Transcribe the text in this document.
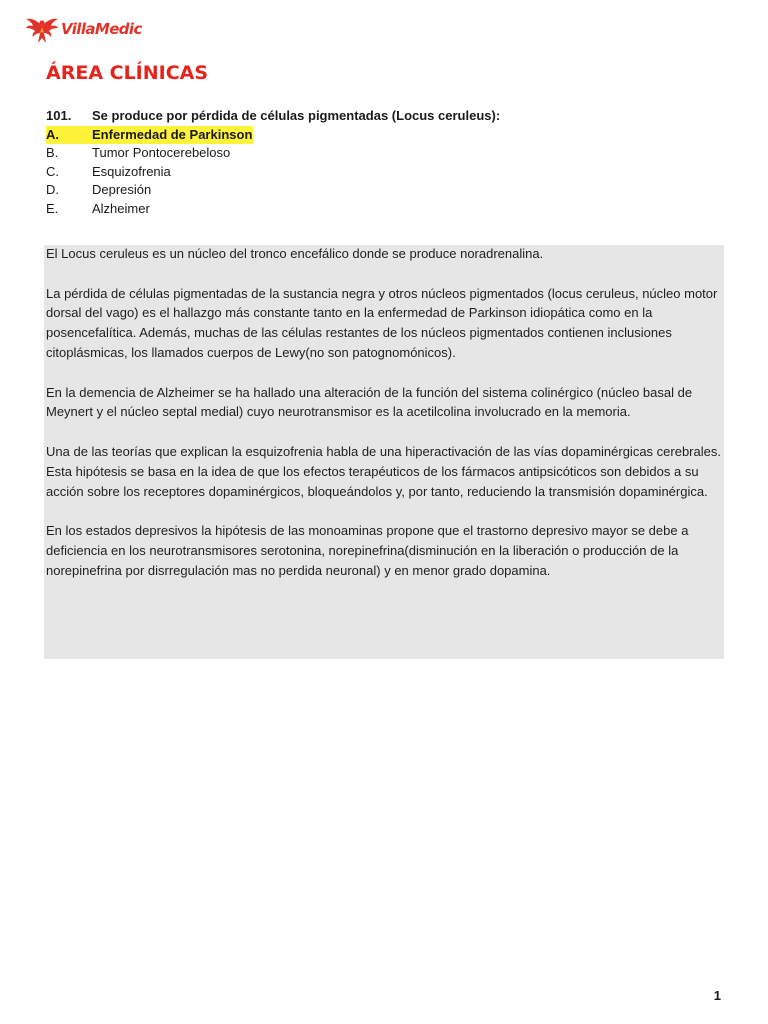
VillaMedic
ÁREA CLÍNICAS
101.	Se produce por pérdida de células pigmentadas (Locus ceruleus):
A.	Enfermedad de Parkinson
B.	Tumor Pontocerebeloso
C.	Esquizofrenia
D.	Depresión
E.	Alzheimer

El Locus ceruleus es un núcleo del tronco encefálico donde se produce noradrenalina.

La pérdida de células pigmentadas de la sustancia negra y otros núcleos pigmentados (locus ceruleus, núcleo motor dorsal del vago) es el hallazgo más constante tanto en la enfermedad de Parkinson idiopática como en la posencefalítica. Además, muchas de las células restantes de los núcleos pigmentados contienen inclusiones citoplásmicas, los llamados cuerpos de Lewy(no son patognomónicos).

En la demencia de Alzheimer se ha hallado una alteración de la función del sistema colinérgico (núcleo basal de Meynert y el núcleo septal medial) cuyo neurotransmisor es la acetilcolina involucrado en la memoria.

Una de las teorías que explican la esquizofrenia habla de una hiperactivación de las vías dopaminérgicas cerebrales. Esta hipótesis se basa en la idea de que los efectos terapéuticos de los fármacos antipsicóticos son debidos a su acción sobre los receptores dopaminérgicos, bloqueándolos y, por tanto, reduciendo la transmisión dopaminérgica.

En los estados depresivos la hipótesis de las monoaminas propone que el trastorno depresivo mayor se debe a deficiencia en los neurotransmisores serotonina, norepinefrina(disminución en la liberación o producción de la norepinefrina por disrregulación mas no perdida neuronal) y en menor grado dopamina.

1
